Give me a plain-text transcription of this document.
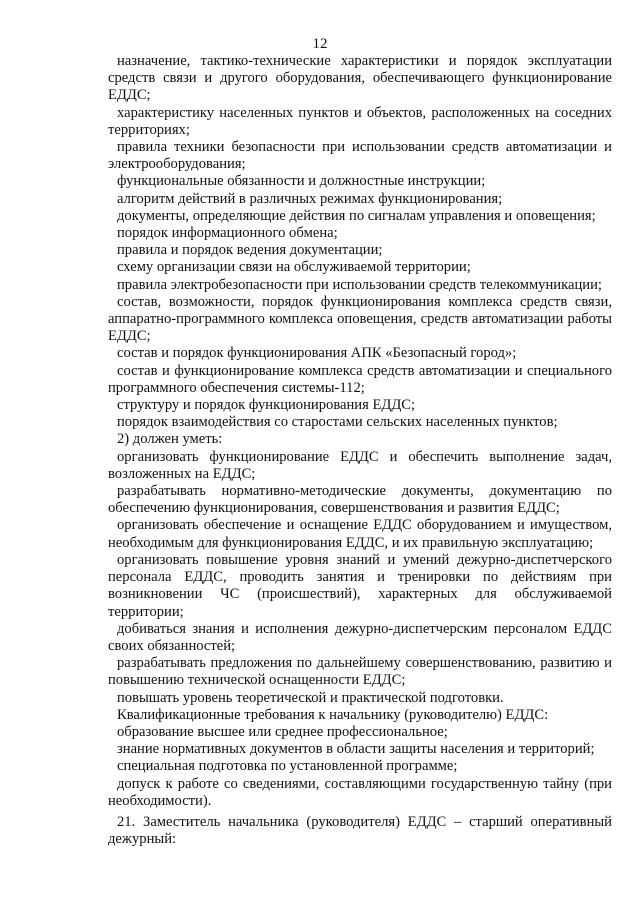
12

назначение, тактико-технические характеристики и порядок эксплуатации средств связи и другого оборудования, обеспечивающего функционирование ЕДДС;

характеристику населенных пунктов и объектов, расположенных на соседних территориях;

правила техники безопасности при использовании средств автоматизации и электрооборудования;

функциональные обязанности и должностные инструкции;

алгоритм действий в различных режимах функционирования;

документы, определяющие действия по сигналам управления и оповещения;

порядок информационного обмена;

правила и порядок ведения документации;

схему организации связи на обслуживаемой территории;

правила электробезопасности при использовании средств телекоммуникации;

состав, возможности, порядок функционирования комплекса средств связи, аппаратно-программного комплекса оповещения, средств автоматизации работы ЕДДС;

состав и порядок функционирования АПК «Безопасный город»;

состав и функционирование комплекса средств автоматизации и специального программного обеспечения системы-112;

структуру и порядок функционирования ЕДДС;

порядок взаимодействия со старостами сельских населенных пунктов;

2) должен уметь:

организовать функционирование ЕДДС и обеспечить выполнение задач, возложенных на ЕДДС;

разрабатывать нормативно-методические документы, документацию по обеспечению функционирования, совершенствования и развития ЕДДС;

организовать обеспечение и оснащение ЕДДС оборудованием и имуществом, необходимым для функционирования ЕДДС, и их правильную эксплуатацию;

организовать повышение уровня знаний и умений дежурно-диспетчерского персонала ЕДДС, проводить занятия и тренировки по действиям при возникновении ЧС (происшествий), характерных для обслуживаемой территории;

добиваться знания и исполнения дежурно-диспетчерским персоналом ЕДДС своих обязанностей;

разрабатывать предложения по дальнейшему совершенствованию, развитию и повышению технической оснащенности ЕДДС;

повышать уровень теоретической и практической подготовки.

Квалификационные требования к начальнику (руководителю) ЕДДС:

образование высшее или среднее профессиональное;

знание нормативных документов в области защиты населения и территорий;

специальная подготовка по установленной программе;

допуск к работе со сведениями, составляющими государственную тайну (при необходимости).

21. Заместитель начальника (руководителя) ЕДДС – старший оперативный дежурный:
